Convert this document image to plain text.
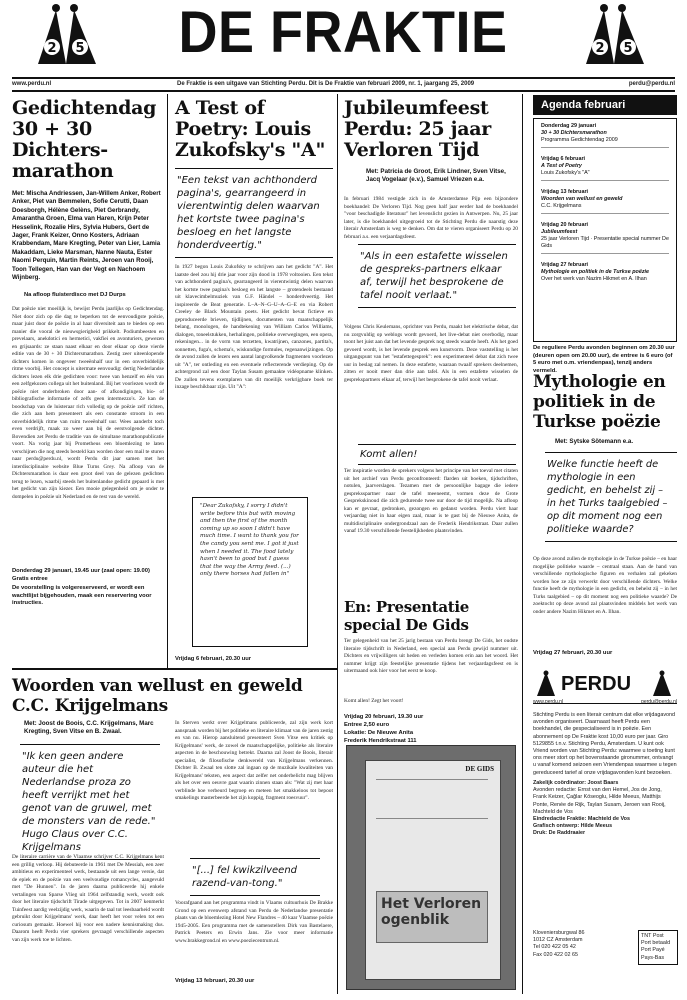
2 5	DE FRAKTIE	2 5
www.perdu.nl	De Fraktie is een uitgave van Stichting Perdu. Dit is De Fraktie van februari 2009, nr. 1, jaargang 25, 2009	perdu@perdu.nl
Gedichtendag
30 + 30
Dichters-
marathon
Met: Mischa Andriessen, Jan-Willem Anker, Robert Anker, Piet van Bemmelen, Sofie Cerutti, Daan Doesborgh, Hélène Gelèns, Piet Gerbrandy, Amarantha Groen, Elma van Haren, Krijn Peter Hesselink, Rozalie Hirs, Sylvia Hubers, Gert de Jager, Frank Keizer, Onno Kosters, Adriaan Krabbendam, Mare Kregting, Peter van Lier, Lamia Makaddam, Lieke Marsman, Nanne Nauta, Ester Naomi Perquin, Martin Reints, Jeroen van Rooij, Toon Tellegen, Han van der Vegt en Nachoem Wijnberg.
Na afloop fluisterdisco met DJ Durps
Dat poëzie niet moeilijk is, bewijst Perdu jaarlijks op Gedichtendag. Niet door zich op die dag te beperken tot de eenvoudigste poëzie, maar juist door de poëzie in al haar diversiteit aan te bieden op een manier die vooral de nieuwsgierigheid prikkelt. Podiumbeesten en prevelaars, anekdotici en hermetici, vakfiei en avonturiers, gewezen en grijsaards: ze staan naast elkaar en door elkaar op deze vierde editie van de 30 + 30 Dichtersmarathon. Zestig zeer uiteenlopende dichters komen in ongeveer tweeënhalf uur in een onverbiddelijk ritme voorbij. Het concept is uitermate eenvoudig: dertig Nederlandse dichters lezen elk drie gedichten voor: twee van henzelf en één van een zelfgekozen collega uit het buitenland. Bij het voorlezen wordt de poëzie niet onderbroken door aan- of afkondigingen, bio- of bibliografische informatie of zelfs geen intermezzo's. Ze kan de boodschap van de luisteraar rich volledig op de poëzie zelf richten, die zich aan hem presenteert als een constante stroom in een onverbiddelijk ritme van ruim tweeënhalf uur. Wees aanderbt toch even verdrijft, maak zo weer aan bij de eerstvolgende dichter. Bovendien zet Perdu de traditie van de simultane marathonpublicatie voort. Na vorig jaar bij Prometheus een bloemlezing te laten verschijnen die nog steeds besteld kan worden door een mail te sturen naar perdu@perdu.nl, wordt Perdu dit jaar samen met het interdisciplinaire website Blue Turns Grey. Na afloop van de Dichtersmarathon is daar een groot deel van de gelezen gedichten terug te lezen, waarbij steeds het buitenlandse gedicht gepaard is met het gedicht van zijn kiezer. Een mooie gelegenheid om je onder te dompelen in poëzie uit Nederland en de rest van de wereld.
Donderdag 29 januari, 19.45 uur (zaal open: 19.00)
Gratis entree
De voorstelling is volgereserveerd, er wordt een wachtlijst bijgehouden, maak een reservering voor instructies.
A Test of
Poetry: Louis
Zukofsky's "A"
"Een tekst van achthonderd pagina's, gearrangeerd in vierentwintig delen waarvan het kortste twee pagina's besloeg en het langste honderdveertig."
In 1927 begon Louis Zukofsky te schrijven aan het gedicht "A". Het laatste deel zou hij drie jaar voor zijn dood in 1978 voltooien. Een tekst van achthonderd pagina's, gearrangeerd in vierentwintig delen waarvan het kortste twee pagina's besloeg en het langste – grotendeels bestaand uit klavecimbelmuziek van G.F. Händel – honderdveertig. Het inspireerde de Beat generatie. L–A–N–G–U–A–G–E en via Robert Creeley de Black Mountain poets. Het gedicht bevat fictieve en geproduceerde brieven, tijdlijnen, documenten van maatschappelijk belang, monologen, de handtekening van William Carlos Williams, dialogen, toneelstukken, herhalingen, politieke overwegingen, een opera, rekeningen... in de vorm van terzetten, kwatrijnen, canzones, partita's, sonnetten, fuga's, schema's, wiskundige formules, regenanwijzingen. Op de avond zullen de lezers een aantal langvolkende fragmenten voorlezen uit "A", ter ontleding en een eventuele reflecterende verdieping. Op de achtergrond zal een door Taylan Susam gemaakte vidéopname klinken. De zullen tevens exemplaren van dit moeilijk verkrijgbare boek ter inzage beschikbaar zijn. Uit "A":
"Dear Zukofsky, I sorry I didn't write before this but with moving and then the first of the month coming up so soon I didn't have much time. I want to thank you for the candy you sent me. I got it just when I needed it. The food lately hasn't been to good but I guess that the way the Army feed. (...) only there horses had fallen in"
Vrijdag 6 februari, 20.30 uur
Jubileumfeest
Perdu: 25 jaar
Verloren Tijd
Met: Patricia de Groot, Erik Lindner, Sven Vitse, Jacq Vogelaar (e.v.), Samuel Vriezen e.a.
In februari 1984 vestigde zich in de Amsterdamse Pijp een bijzondere boekhandel: De Verloren Tijd. Nog geen half jaar eerder had de boekhandel "voor beschadigde literatuur" het levenslicht gezien in Antwerpen. Nu, 25 jaar later, is die boekhandel uitgegroeid tot de Stichting Perdu die naarstig deze literair Amsterdam is weg te denken. Om dat te vieren organiseert Perdu op 20 februari a.s. een verjaardagsfeest.
"Als in een estafette wisselen de gespreks-partners elkaar af, terwijl het besprokene de tafel nooit verlaat."
Volgens Chris Keulemans, oprichter van Perdu, maakt het elektrische debat, dat nu zorgvuldig op weblogs wordt gevoerd, het live-debat niet overbodig, maar toont het juist aan dat het levende gesprek nog steeds waarde heeft. Als het goed gevoerd wordt, is het levende gesprek een kunstvorm. Deze vaststelling is het uitgangspunt van het "estafettegesprek": een experimenteel debat dat zich twee uur in beslag zal nemen. In deze estafette, waaraan twaalf sprekers deelnemen, zitten er nooit meer dan drie aan tafel. Als in een estafette wisselen de gesprekspartners elkaar af, terwijl het besprokene de tafel nooit verlaat.
Komt allen!
Ter inspiratie worden de sprekers volgens het principe van het toeval met citaten uit het archief van Perdu geconfronteerd: flarden uit boeken, tijdschriften, notulen, jaarverslagen. Tezamen met de persoonlijke bagage die iedere gespreksspartner naar de tafel meeneemt, vormen deze de Grote Gesprekskinoud die zich gedurende twee uur door de tijd mogelijk. Na afloop kan er gevraat, gedronken, gezongen en gedanst worden. Perdu viert haar verjaardag niet in haar eigen zaal, maar is te gast bij de Nieuwe Anita, de multidisciplinaire ondergrondzaal aan de Frederik Hendrikstraat. Daar zullen vanaf 19.30 verschillende feestelijkheden plaatsvinden.
En: Presentatie
special De Gids
Ter gelegenheid van het 25 jarig bestaan van Perdu brengt De Gids, het oudste literaire tijdschrift in Nederland, een special aan Perdu gewijd nummer uit. Dichters en vrijwilligers uit heden en verleden komen erin aan het woord. Het nummer krijgt zijn feestelijke presentatie tijdens het verjaardagsfeest en is uitermaand ook hier voor het eerst te koop.
Komt allen! Zegt het voort!
Vrijdag 20 februari, 19.30 uur
Entree 2,50 euro
Lokatie: De Nieuwe Anita
Frederik Hendrikstraat 111
DE GIDS
Het Verloren ogenblik
Agenda februari
Donderdag 29 januari
30 + 30 Dichtersmarathon
Programma Gedichtendag 2009
Vrijdag 6 februari
A Test of Poetry
Louis Zukofsky's "A"
Vrijdag 13 februari
Woorden van wellust en geweld
C.C. Krijgelmans
Vrijdag 20 februari
Jubileumfeest
25 jaar Verloren Tijd · Presentatie special nummer De Gids
Vrijdag 27 februari
Mythologie en politiek in de Turkse poëzie
Over het werk van Nazim Hikmet en A. Ilhan
De reguliere Perdu avonden beginnen om 20.30 uur (deuren open om 20.00 uur), de entree is 6 euro (of 5 euro met o.m. vriendenpas), tenzij anders vermeld.
Mythologie en
politiek in de
Turkse poëzie
Met: Sytske Sötemann e.a.
Welke functie heeft de mythologie in een gedicht, en behelst zij – in het Turks taalgebied – op dit moment nog een politieke waarde?
Op deze avond zullen de mythologie in de Turkse poëzie – en haar mogelijke politieke waarde – centraal staan. Aan de hand van verschillende mythologische figuren en verhalen zal gekeken worden hoe ze zijn verwerkt door verschillende dichters. Welke functie heeft de mythologie in een gedicht, en behelst zij – in het Turks taalgebied – op dit moment nog een politieke waarde? De zoektocht op deze avond zal plaatsvinden middels het werk van onder andere Nazim Hikmet en A. Ilhan.
Vrijdag 27 februari, 20.30 uur
PERDU
www.perdu.nl	perdu@perdu.nl
Stichting Perdu is een literair centrum dat elke vrijdagavond avonden organiseert. Daarnaast heeft Perdu een boekhandel, die gespecialiseerd is in poëzie. Een abonnement op De Fraktie kost 10,00 euro per jaar. Giro 5129855 t.n.v. Stichting Perdu, Amsterdam. U kunt ook Vriend worden van Stichting Perdu: waarmee u toeting kunt ons meer stort op het bovenstaande gironummer, ontvangt u vanaf komend seizoen een Vriendenpas waarmee u tegen gereduceerd tarief al onze vrijdagavonden kunt bezoeken.
Zakelijk coördinator: Joost Baars
Avonden redactie: Ernst van den Hemel, Jos de Jong, Frank Keizer, Çağlar Köseoglu, Hilde Meeus, Matthijs Ponte, Renée de Rijk, Taylan Susam, Jeroen van Rooij, Machteld de Vos
Eindredactie Fraktie: Machteld de Vos
Grafisch ontwerp: Hilde Meeus
Druk: De Raddraaier
Kloveniersburgwal 86
1012 CZ Amsterdam
Tel 020 422 05 42
Fax 020 422 02 65
TNT Post
Port betaald
Port Payé
Pays-Bas
Woorden van wellust en geweld
C.C. Krijgelmans
Met: Joost de Boois, C.C. Krijgelmans, Marc Kregting, Sven Vitse en B. Zwaal.
"Ik ken geen andere auteur die het Nederlandse proza zo heeft verrijkt met het genot van de gruwel, met de monsters van de rede." Hugo Claus over C.C. Krijgelmans
De literaire carrière van de Vlaamse schrijver C.C. Krijgelmans kent een grillig verloop. Hij debuteerde in 1961 met De Messiah, een zeer ambitieus en experimenteel werk, bestaande uit een lange versie, dat de epiek en de poëzie van een veelvoudige romancycles, aangevuld met "De Hunnen". In de jaren daarna publiceerde hij enkele vertalingen van Sparse Vlieg uit 1964 zelfstandig werk, wordt ook door het literaire tijdschrift Tirade uitgegeven. Tot in 2007 kenmerkt Tuinfeest aardig veelzijdig werk, waarin de taal tot leesbaarheid wordt gebruikt door Krijgelmans' werk, daar heeft het voor velen tot een curiosum gemaakt. Hoewel hij voor een nadere kennismaking dus. Daarom heeft Perdu vier sprekers gevraagd verschillende aspecten van zijn werk toe te lichten.
In Sterven werkt over Krijgelmans publiceerde, zal zijn werk kort aanspraak worden bij het politieke en literaire klimaat van de jaren zestig en van nu. Hierop aansluitend presenteert Sven Vitse een kritiek op Krijgelmans' werk, de zowel de maatschappelijke, politieke als literaire aspecten in de beschouwing betrekt. Daarna zal Joost de Boois, literair specialist, de filosofische denkwereld van Krijgelmans verkennen. Dichter B. Zwaal ten slotte zal ingaan op de muzikale kwaliteiten van Krijgelmans' teksten, een aspect dat zelfer net onderbelicht mag blijven als het over een oeuvre gaat waarin zinnen staan als: "Wat zij met haar verblinde hoe verbeurd begroep en meteen het smakkeloos tot bepoot smakelings masterbeerde het zijn koppig, fragment roesvuur".
"[...] fel kwikzilveend razend-van-tong."
Voorafgaand aan het programma vindt in Vlaams cultuurhuis De Brakke Grond op een evenwerp afstand van Perdu de Nederlandse presentatie plaats van de bloemlezing Hotel New Flandres – 40 kaar Vlaamse poëzie 1945-2005. Een programma met de samenstellers Dirk van Bastelaere, Patrick Peeters en Erwin Jans. Zie voor meer informatie www.brakkegrond.nl en www.poeziecentrum.nl.
Vrijdag 13 februari, 20.30 uur
